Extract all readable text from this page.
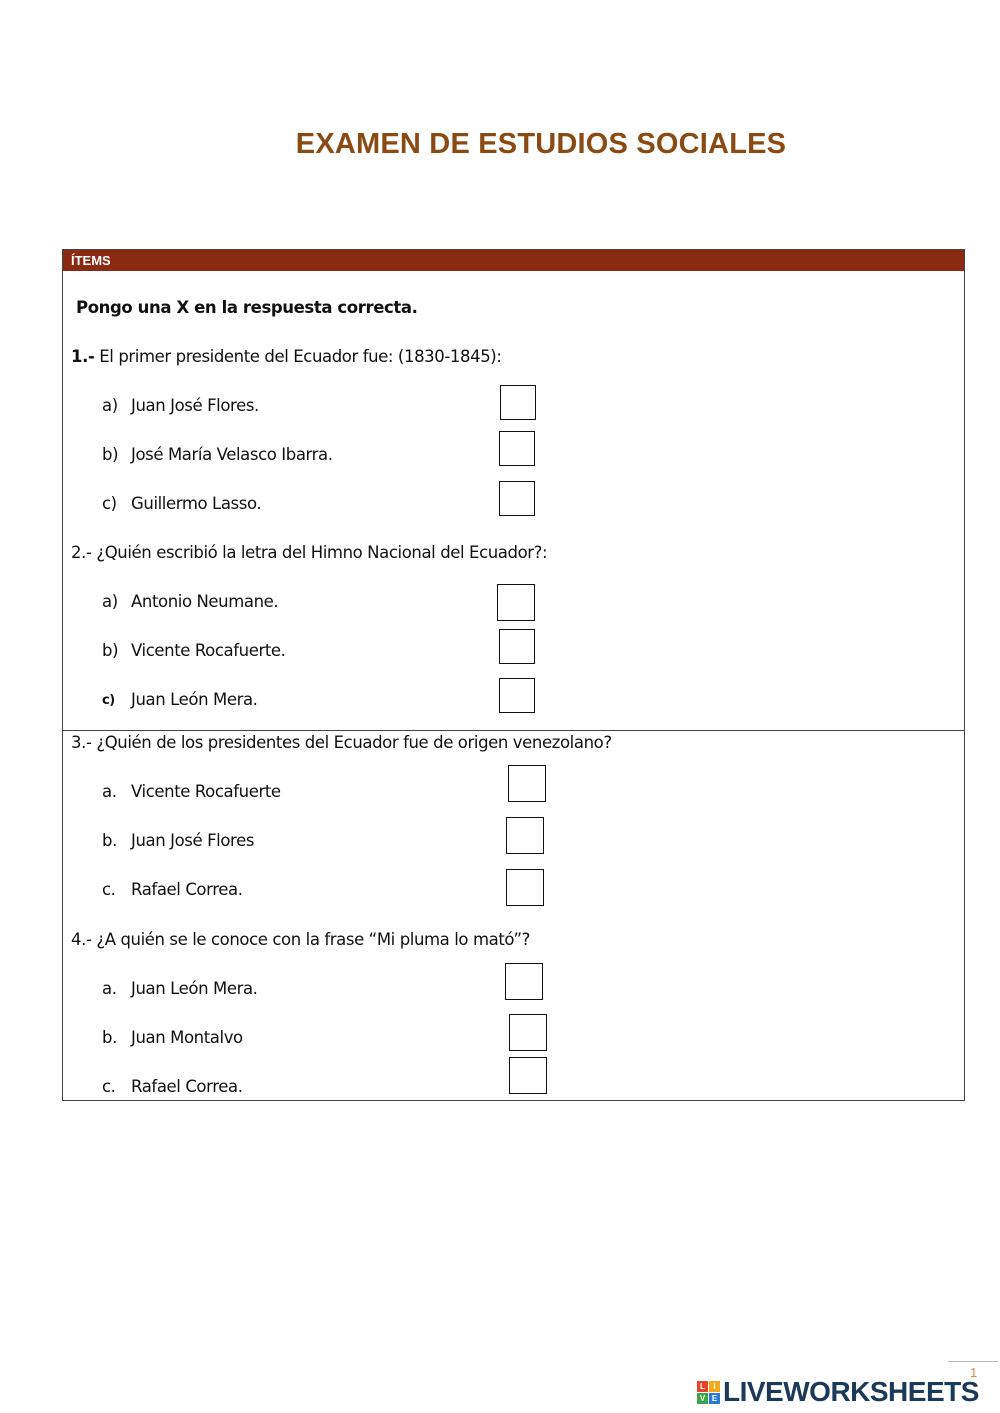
EXAMEN DE ESTUDIOS SOCIALES
ÍTEMS
Pongo una X en la respuesta correcta.
1.- El primer presidente del Ecuador fue: (1830-1845):
a) Juan José Flores.
b) José María Velasco Ibarra.
c) Guillermo Lasso.
2.- ¿Quién escribió la letra del Himno Nacional del Ecuador?:
a) Antonio Neumane.
b) Vicente Rocafuerte.
c) Juan León Mera.
3.- ¿Quién de los presidentes del Ecuador fue de origen venezolano?
a. Vicente Rocafuerte
b. Juan José Flores
c. Rafael Correa.
4.- ¿A quién se le conoce con la frase “Mi pluma lo mató”?
a. Juan León Mera.
b. Juan Montalvo
c. Rafael Correa.
1
L	I
V E LIVEWORKSHEETS
